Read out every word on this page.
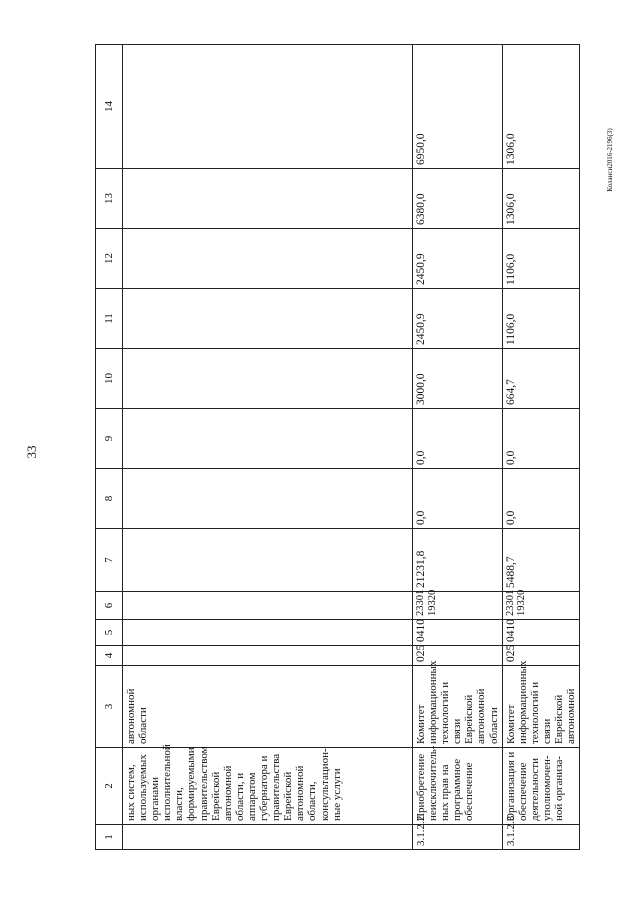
33
Коланси2016-2196(3)
1	2	3	4	5	6	7	8	9	10	11	12	13	14
	ных систем, используемых органами исполнительной власти, формируемыми правительством Еврейской автономной области, и аппаратом губернатора и правительства Еврейской автономной области, консультацион-ные услуги	автономной области											
3.1.2.2	Приобретение неисключитель-ных прав на программное обеспечение	Комитет информационных технологий и связи Еврейской автономной области	025	0410	23301 19320	21231,8	0,0	0,0	3000,0	2450,9	2450,9	6380,0	6950,0
3.1.2.3	Организация и обеспечение деятельности уполномочен-ной организа-	Комитет информационных технологий и связи Еврейской автономной	025	0410	23301 19320	5488,7	0,0	0,0	664,7	1106,0	1106,0	1306,0	1306,0
